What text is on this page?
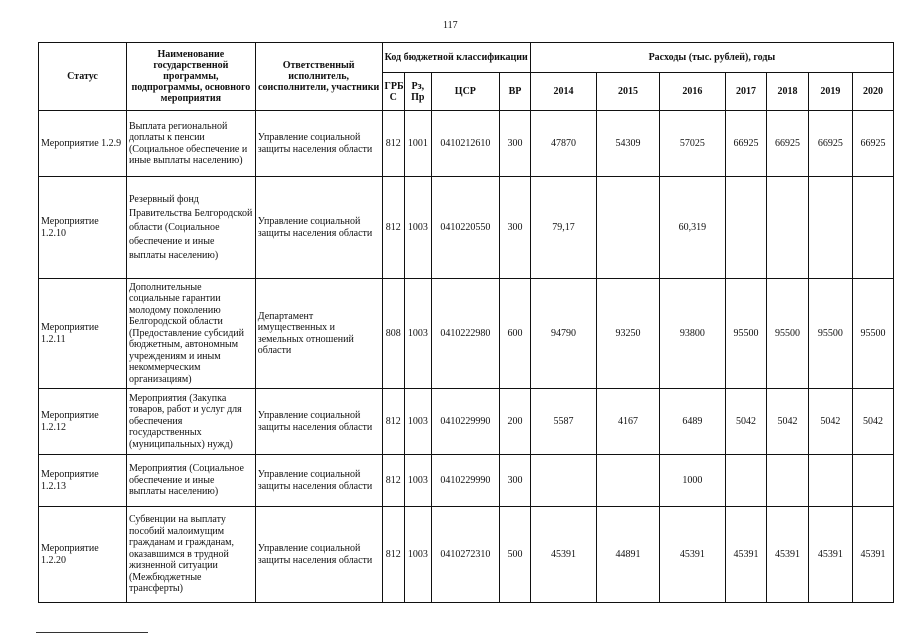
117
Статус	Наименование государственной программы, подпрограммы, основного мероприятия	Ответственный исполнитель, соисполнители, участники	Код бюджетной классификации				Расходы (тыс. рублей), годы						
			ГРБ С	Рз, Пр	ЦСР	ВР	2014	2015	2016	2017	2018	2019	2020
Мероприятие 1.2.9	Выплата региональной доплаты к пенсии (Социальное обеспечение и иные выплаты населению)	Управление социальной защиты населения области	812	1001	0410212610	300	47870	54309	57025	66925	66925	66925	66925
Мероприятие 1.2.10	Резервный фонд Правительства Белгородской области (Социальное обеспечение и иные выплаты населению)	Управление социальной защиты населения области	812	1003	0410220550	300	79,17		60,319				
Мероприятие 1.2.11	Дополнительные социальные гарантии молодому поколению Белгородской области (Предоставление субсидий бюджетным, автономным учреждениям и иным некоммерческим организациям)	Департамент имущественных и земельных отношений области	808	1003	0410222980	600	94790	93250	93800	95500	95500	95500	95500
Мероприятие 1.2.12	Мероприятия (Закупка товаров, работ и услуг для обеспечения государственных (муниципальных) нужд)	Управление социальной защиты населения области	812	1003	0410229990	200	5587	4167	6489	5042	5042	5042	5042
Мероприятие 1.2.13	Мероприятия (Социальное обеспечение и иные выплаты населению)	Управление социальной защиты населения области	812	1003	0410229990	300			1000				
Мероприятие 1.2.20	Субвенции на выплату пособий малоимущим гражданам и гражданам, оказавшимся в трудной жизненной ситуации (Межбюджетные трансферты)	Управление социальной защиты населения области	812	1003	0410272310	500	45391	44891	45391	45391	45391	45391	45391
